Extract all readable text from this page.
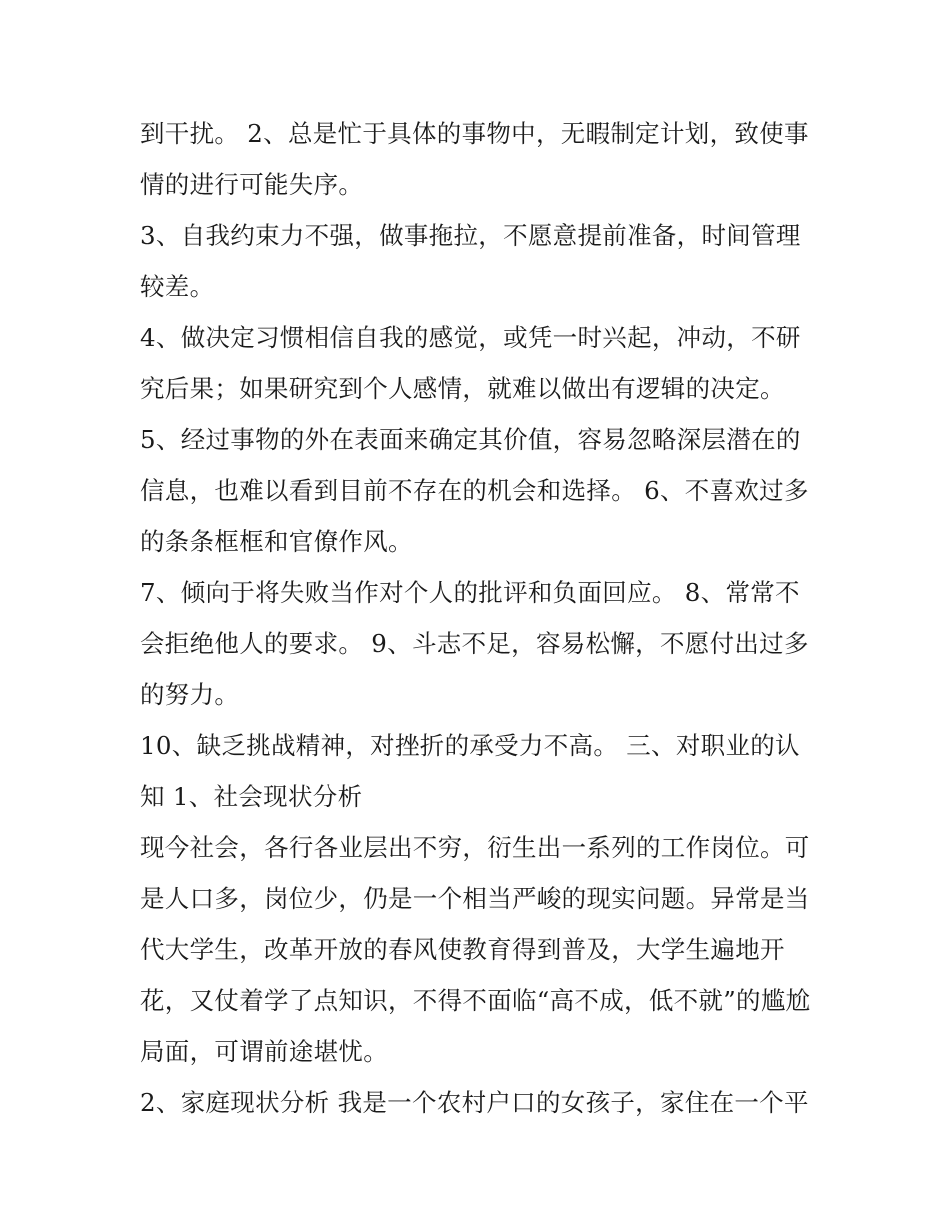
到干扰。 2、总是忙于具体的事物中，无暇制定计划，致使事
情的进行可能失序。
3、自我约束力不强，做事拖拉，不愿意提前准备，时间管理
较差。
4、做决定习惯相信自我的感觉，或凭一时兴起，冲动，不研
究后果；如果研究到个人感情，就难以做出有逻辑的决定。
5、经过事物的外在表面来确定其价值，容易忽略深层潜在的
信息，也难以看到目前不存在的机会和选择。 6、不喜欢过多
的条条框框和官僚作风。
7、倾向于将失败当作对个人的批评和负面回应。 8、常常不
会拒绝他人的要求。 9、斗志不足，容易松懈，不愿付出过多
的努力。
10、缺乏挑战精神，对挫折的承受力不高。 三、对职业的认
知 1、社会现状分析
现今社会，各行各业层出不穷，衍生出一系列的工作岗位。可
是人口多，岗位少，仍是一个相当严峻的现实问题。异常是当
代大学生，改革开放的春风使教育得到普及，大学生遍地开
花，又仗着学了点知识，不得不面临“高不成，低不就”的尴尬
局面，可谓前途堪忧。
2、家庭现状分析 我是一个农村户口的女孩子，家住在一个平
